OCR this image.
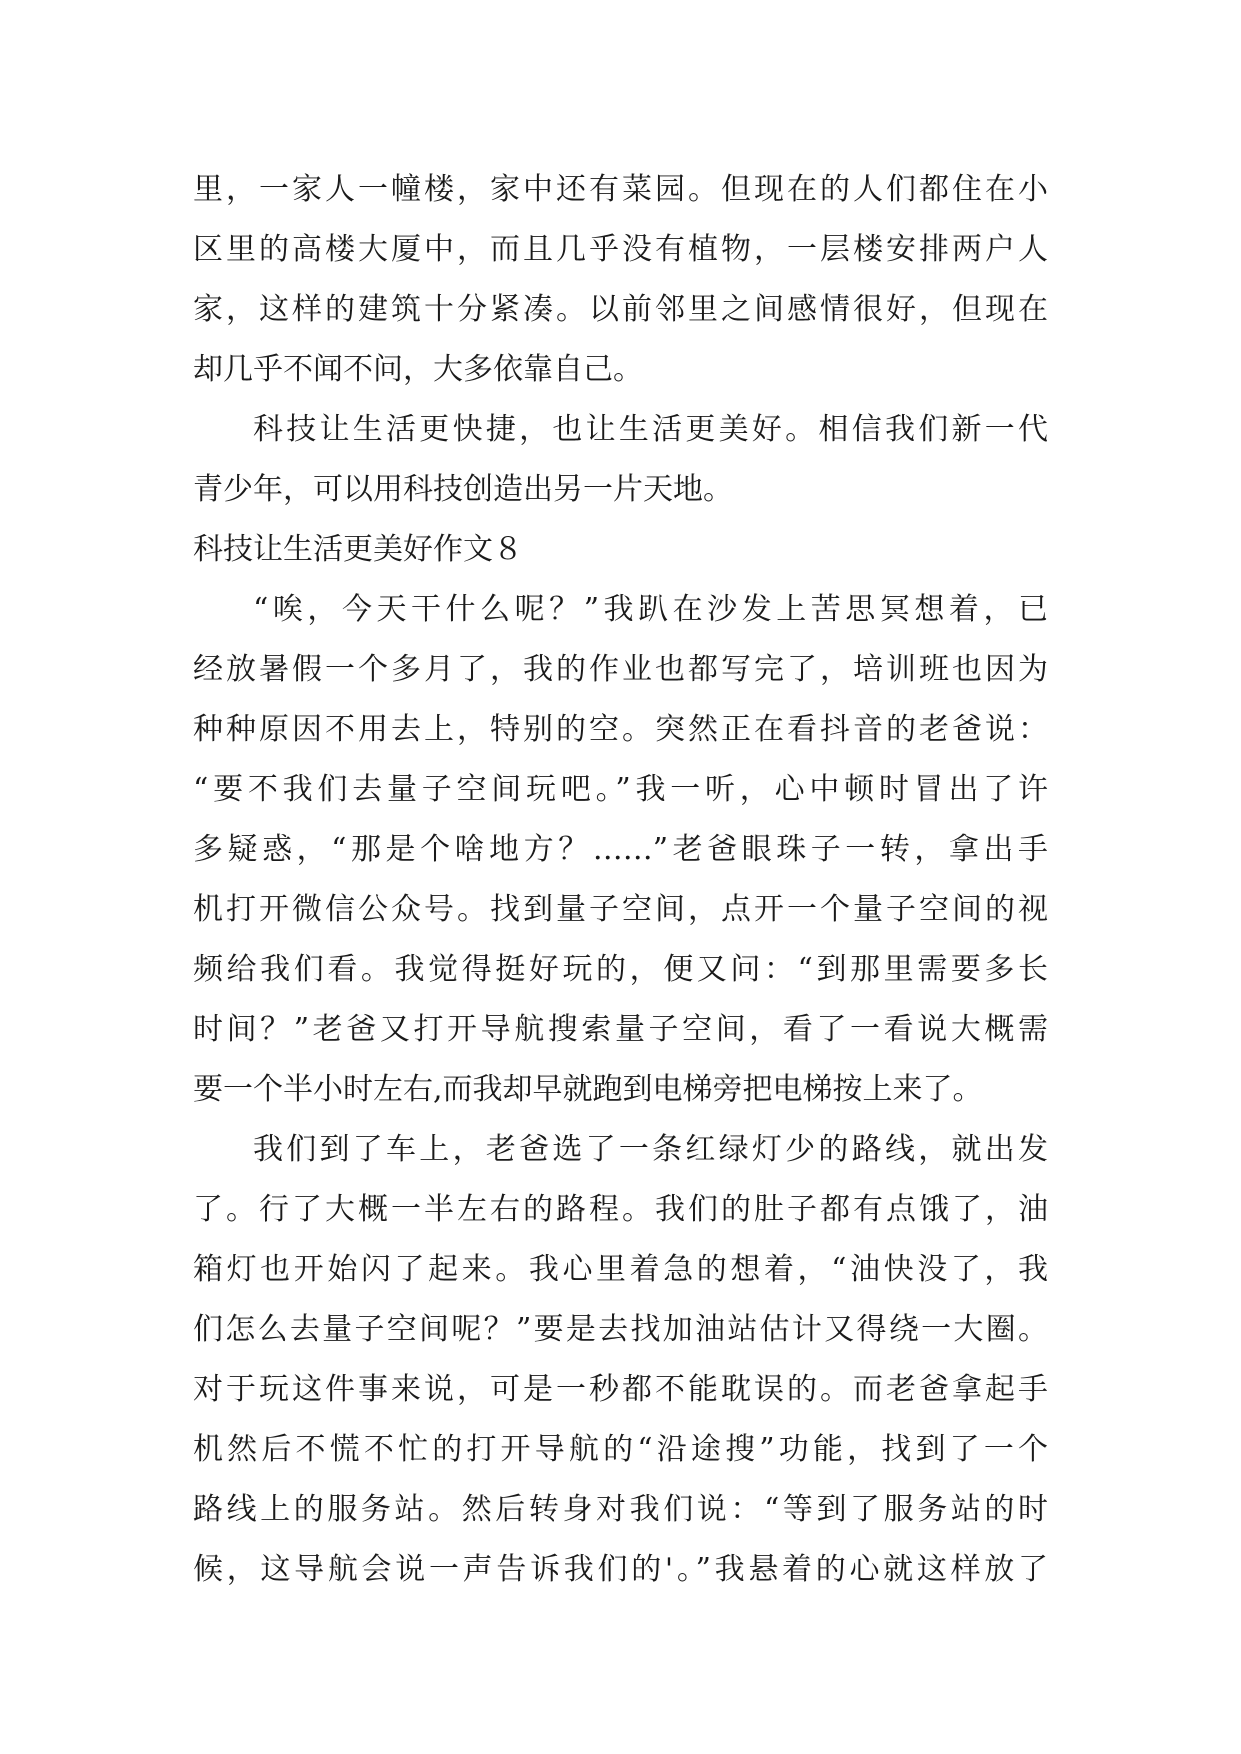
里，一家人一幢楼，家中还有菜园。但现在的人们都住在小
区里的高楼大厦中，而且几乎没有植物，一层楼安排两户人
家，这样的建筑十分紧凑。以前邻里之间感情很好，但现在
却几乎不闻不问，大多依靠自己。
科技让生活更快捷，也让生活更美好。相信我们新一代
青少年，可以用科技创造出另一片天地。
科技让生活更美好作文８
“唉，今天干什么呢？”我趴在沙发上苦思冥想着，已
经放暑假一个多月了，我的作业也都写完了，培训班也因为
种种原因不用去上，特别的空。突然正在看抖音的老爸说：
“要不我们去量子空间玩吧。”我一听，心中顿时冒出了许
多疑惑，“那是个啥地方？……”老爸眼珠子一转，拿出手
机打开微信公众号。找到量子空间，点开一个量子空间的视
频给我们看。我觉得挺好玩的，便又问：“到那里需要多长
时间？”老爸又打开导航搜索量子空间，看了一看说大概需
要一个半小时左右,而我却早就跑到电梯旁把电梯按上来了。
我们到了车上，老爸选了一条红绿灯少的路线，就出发
了。行了大概一半左右的路程。我们的肚子都有点饿了，油
箱灯也开始闪了起来。我心里着急的想着，“油快没了，我
们怎么去量子空间呢？”要是去找加油站估计又得绕一大圈。
对于玩这件事来说，可是一秒都不能耽误的。而老爸拿起手
机然后不慌不忙的打开导航的“沿途搜”功能，找到了一个
路线上的服务站。然后转身对我们说：“等到了服务站的时
候，这导航会说一声告诉我们的'。”我悬着的心就这样放了
